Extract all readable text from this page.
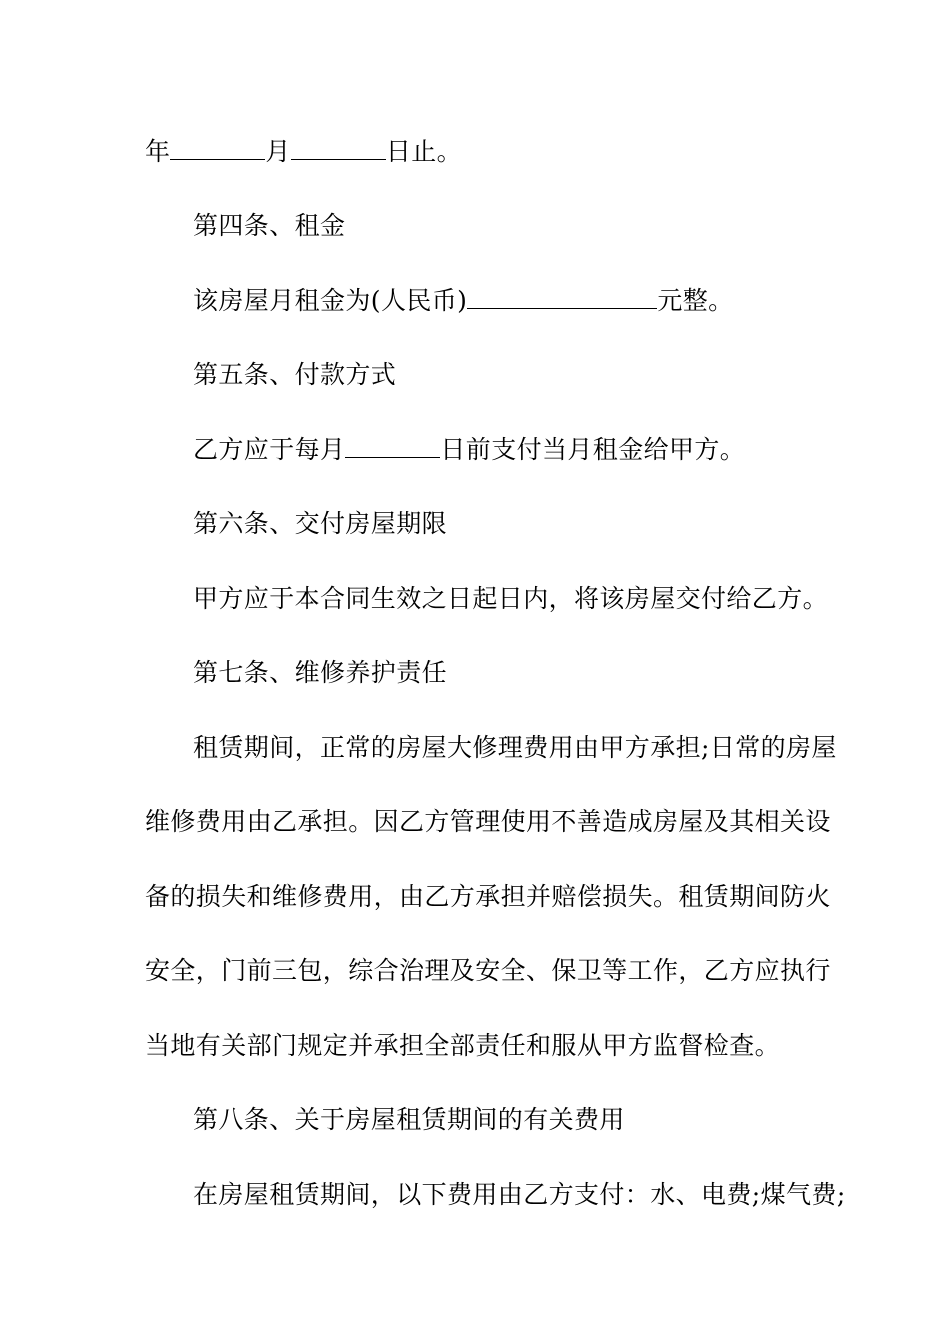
年	月	日止。
第四条、租金
该房屋月租金为(人民币)	元整。
第五条、付款方式
乙方应于每月	日前支付当月租金给甲方。
第六条、交付房屋期限
甲方应于本合同生效之日起日内，将该房屋交付给乙方。
第七条、维修养护责任
租赁期间，正常的房屋大修理费用由甲方承担;日常的房屋
维修费用由乙承担。因乙方管理使用不善造成房屋及其相关设
备的损失和维修费用，由乙方承担并赔偿损失。租赁期间防火
安全，门前三包，综合治理及安全、保卫等工作，乙方应执行
当地有关部门规定并承担全部责任和服从甲方监督检查。
第八条、关于房屋租赁期间的有关费用
在房屋租赁期间，以下费用由乙方支付：水、电费;煤气费;
